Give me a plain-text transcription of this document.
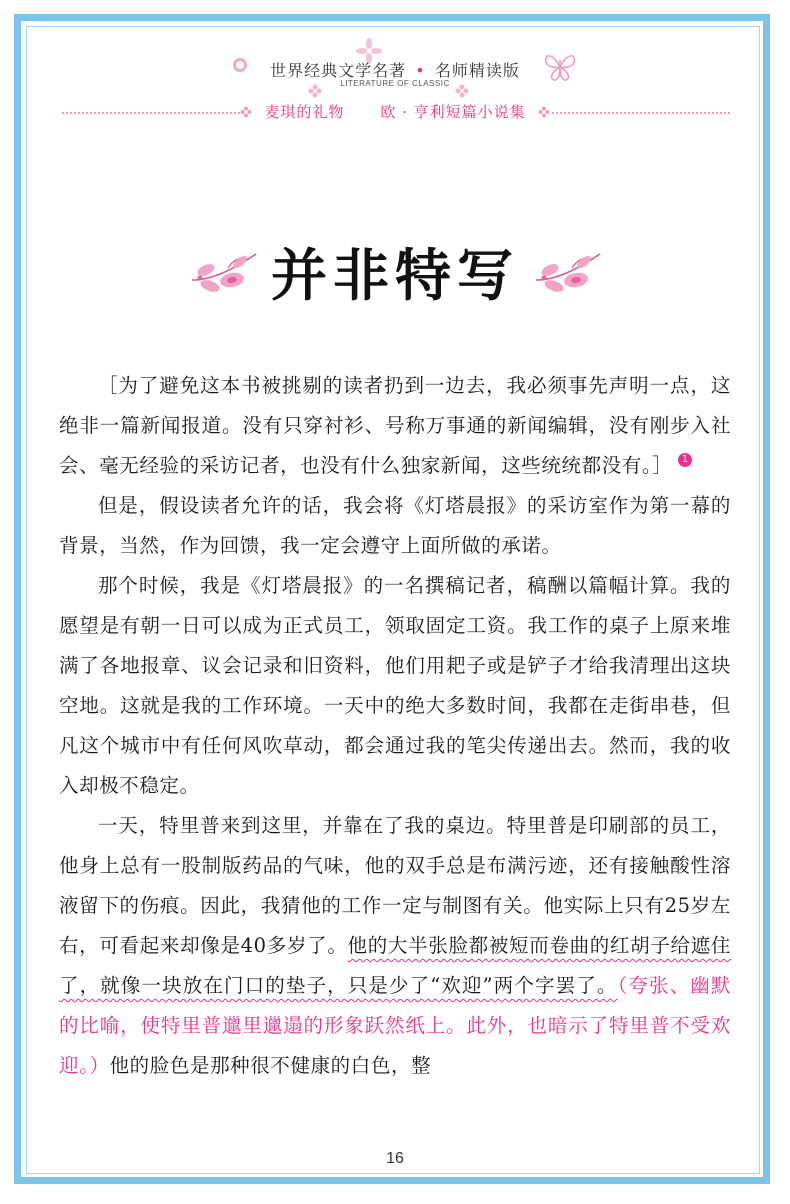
世界经典文学名著 • 名师精读版
LITERATURE OF CLASSIC
麦琪的礼物 欧 · 亨利短篇小说集
并非特写

［为了避免这本书被挑剔的读者扔到一边去，我必须事先声明一点，这绝非一篇新闻报道。没有只穿衬衫、号称万事通的新闻编辑，没有刚步入社会、毫无经验的采访记者，也没有什么独家新闻，这些统统都没有。］ 1

但是，假设读者允许的话，我会将《灯塔晨报》的采访室作为第一幕的背景，当然，作为回馈，我一定会遵守上面所做的承诺。

那个时候，我是《灯塔晨报》的一名撰稿记者，稿酬以篇幅计算。我的愿望是有朝一日可以成为正式员工，领取固定工资。我工作的桌子上原来堆满了各地报章、议会记录和旧资料，他们用耙子或是铲子才给我清理出这块空地。这就是我的工作环境。一天中的绝大多数时间，我都在走街串巷，但凡这个城市中有任何风吹草动，都会通过我的笔尖传递出去。然而，我的收入却极不稳定。

一天，特里普来到这里，并靠在了我的桌边。特里普是印刷部的员工，他身上总有一股制版药品的气味，他的双手总是布满污迹，还有接触酸性溶液留下的伤痕。因此，我猜他的工作一定与制图有关。他实际上只有25岁左右，可看起来却像是40多岁了。他的大半张脸都被短而卷曲的红胡子给遮住了，就像一块放在门口的垫子，只是少了“欢迎”两个字罢了。（夸张、幽默的比喻，使特里普邋里邋遢的形象跃然纸上。此外，也暗示了特里普不受欢迎。）他的脸色是那种很不健康的白色，整

16
